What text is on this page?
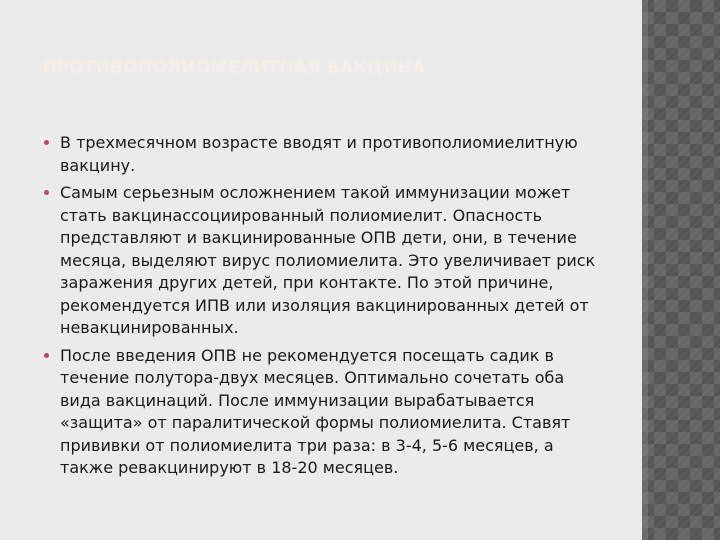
ПРОТИВОПОЛИОМЕЛИТНАЯ ВАКЦИНА
В трехмесячном возрасте вводят и противополиомиелитную вакцину.
Самым серьезным осложнением такой иммунизации может стать вакцинассоциированный полиомиелит. Опасность представляют и вакцинированные ОПВ дети, они, в течение месяца, выделяют вирус полиомиелита. Это увеличивает риск заражения других детей, при контакте. По этой причине, рекомендуется ИПВ или изоляция вакцинированных детей от невакцинированных.
После введения ОПВ не рекомендуется посещать садик в течение полутора-двух месяцев. Оптимально сочетать оба вида вакцинаций. После иммунизации вырабатывается «защита» от паралитической формы полиомиелита. Ставят прививки от полиомиелита три раза: в 3-4, 5-6 месяцев, а также ревакцинируют в 18-20 месяцев.
